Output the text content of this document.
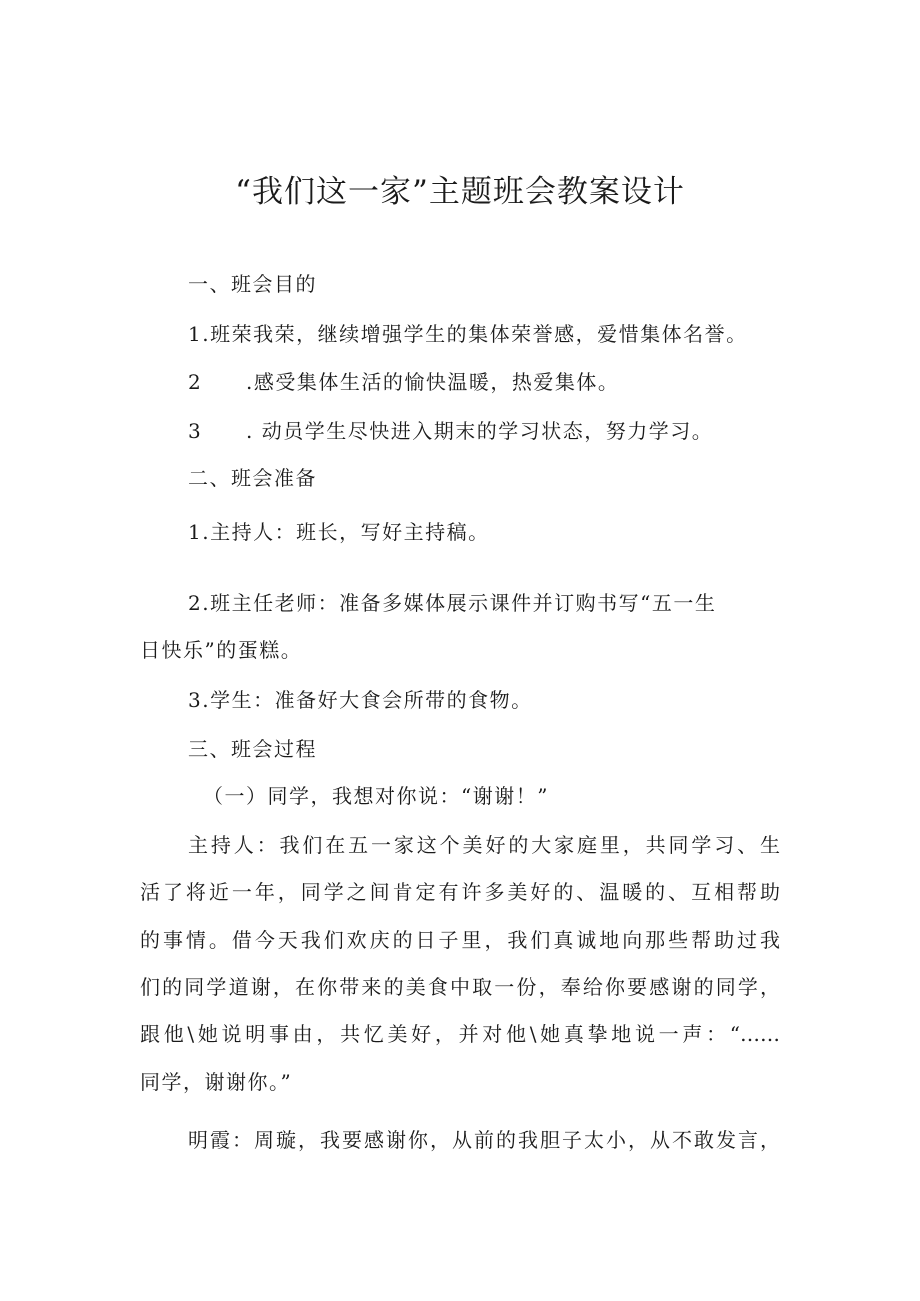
“我们这一家”主题班会教案设计
一、班会目的
1.班荣我荣，继续增强学生的集体荣誉感，爱惜集体名誉。
2 .感受集体生活的愉快温暖，热爱集体。
3 . 动员学生尽快进入期末的学习状态，努力学习。
二、班会准备
1.主持人：班长，写好主持稿。
2.班主任老师：准备多媒体展示课件并订购书写“五一生
日快乐”的蛋糕。
3.学生：准备好大食会所带的食物。
三、班会过程
（一）同学，我想对你说：“谢谢！”
主持人：我们在五一家这个美好的大家庭里，共同学习、生
活了将近一年，同学之间肯定有许多美好的、温暖的、互相帮助
的事情。借今天我们欢庆的日子里，我们真诚地向那些帮助过我
们的同学道谢，在你带来的美食中取一份，奉给你要感谢的同学，
跟他\她说明事由，共忆美好，并对他\她真挚地说一声：“……
同学，谢谢你。”
明霞：周璇，我要感谢你，从前的我胆子太小，从不敢发言，
